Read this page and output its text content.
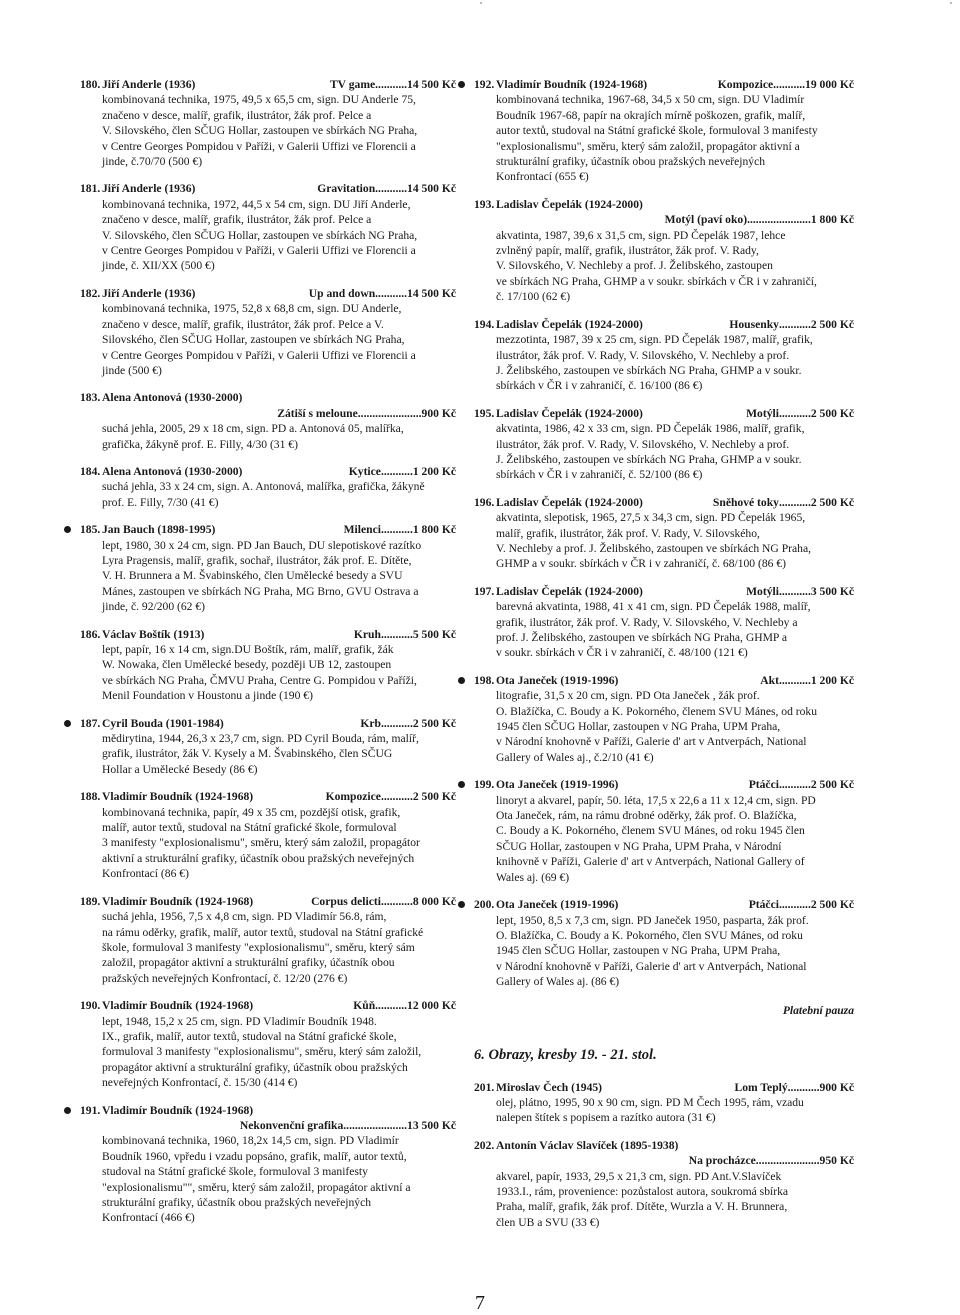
180. Jiří Anderle (1936)	TV game ........... 14 500 Kč
kombinovaná technika, 1975, 49,5 x 65,5 cm, sign. DU Anderle 75,
značeno v desce, malíř, grafik, ilustrátor, žák prof. Pelce a
V. Silovského, člen SČUG Hollar, zastoupen ve sbírkách NG Praha,
v Centre Georges Pompidou v Paříži, v Galerii Uffizi ve Florencii a
jinde, č.70/70 (500 €)
181. Jiří Anderle (1936)	Gravitation ........... 14 500 Kč
kombinovaná technika, 1972, 44,5 x 54 cm, sign. DU Jiří Anderle,
značeno v desce, malíř, grafik, ilustrátor, žák prof. Pelce a
V. Silovského, člen SČUG Hollar, zastoupen ve sbírkách NG Praha,
v Centre Georges Pompidou v Paříži, v Galerii Uffizi ve Florencii a
jinde, č. XII/XX (500 €)
182. Jiří Anderle (1936)	Up and down ........... 14 500 Kč
kombinovaná technika, 1975, 52,8 x 68,8 cm, sign. DU Anderle,
značeno v desce, malíř, grafik, ilustrátor, žák prof. Pelce a V.
Silovského, člen SČUG Hollar, zastoupen ve sbírkách NG Praha,
v Centre Georges Pompidou v Paříži, v Galerii Uffizi ve Florencii a
jinde (500 €)
183. Alena Antonová (1930-2000)
Zátiší s meloune ...................... 900 Kč
suchá jehla, 2005, 29 x 18 cm, sign. PD a. Antonová 05, malířka,
grafička, žákyně prof. E. Filly, 4/30 (31 €)
184. Alena Antonová (1930-2000)	Kytice ........... 1 200 Kč
suchá jehla, 33 x 24 cm, sign. A. Antonová, malířka, grafička, žákyně
prof. E. Filly, 7/30 (41 €)
185. Jan Bauch (1898-1995)	Milenci ........... 1 800 Kč
lept, 1980, 30 x 24 cm, sign. PD Jan Bauch, DU slepotiskové razítko
Lyra Pragensis, malíř, grafik, sochař, ilustrátor, žák prof. E. Dítěte,
V. H. Brunnera a M. Švabinského, člen Umělecké besedy a SVU
Mánes, zastoupen ve sbírkách NG Praha, MG Brno, GVU Ostrava a
jinde, č. 92/200 (62 €)
186. Václav Boštík (1913)	Kruh ........... 5 500 Kč
lept, papír, 16 x 14 cm, sign.DU Boštík, rám, malíř, grafik, žák
W. Nowaka, člen Umělecké besedy, později UB 12, zastoupen
ve sbírkách NG Praha, ČMVU Praha, Centre G. Pompidou v Paříži,
Menil Foundation v Houstonu a jinde (190 €)
187. Cyril Bouda (1901-1984)	Krb ........... 2 500 Kč
mědirytina, 1944, 26,3 x 23,7 cm, sign. PD Cyril Bouda, rám, malíř,
grafik, ilustrátor, žák V. Kysely a M. Švabinského, člen SČUG
Hollar a Umělecké Besedy (86 €)
188. Vladimír Boudník (1924-1968)	Kompozice ........... 2 500 Kč
kombinovaná technika, papír, 49 x 35 cm, pozdější otisk, grafik,
malíř, autor textů, studoval na Státní grafické škole, formuloval
3 manifesty "explosionalismu", směru, který sám založil, propagátor
aktivní a strukturální grafiky, účastník obou pražských neveřejných
Konfrontací (86 €)
189. Vladimír Boudník (1924-1968)	Corpus delicti ........... 8 000 Kč
suchá jehla, 1956, 7,5 x 4,8 cm, sign. PD Vladimír 56.8, rám,
na rámu oděrky, grafik, malíř, autor textů, studoval na Státní grafické
škole, formuloval 3 manifesty "explosionalismu", směru, který sám
založil, propagátor aktivní a strukturální grafiky, účastník obou
pražských neveřejných Konfrontací, č. 12/20 (276 €)
190. Vladimír Boudník (1924-1968)	Kůň ........... 12 000 Kč
lept, 1948, 15,2 x 25 cm, sign. PD Vladimír Boudník 1948.
IX., grafik, malíř, autor textů, studoval na Státní grafické škole,
formuloval 3 manifesty "explosionalismu", směru, který sám založil,
propagátor aktivní a strukturální grafiky, účastník obou pražských
neveřejných Konfrontací, č. 15/30 (414 €)
191. Vladimír Boudník (1924-1968)
Nekonvenční grafika ...................... 13 500 Kč
kombinovaná technika, 1960, 18,2x 14,5 cm, sign. PD Vladimír
Boudník 1960, vpředu i vzadu popsáno, grafik, malíř, autor textů,
studoval na Státní grafické škole, formuloval 3 manifesty
"explosionalismu"", směru, který sám založil, propagátor aktivní a
strukturální grafiky, účastník obou pražských neveřejných
Konfrontací (466 €)
192. Vladimír Boudník (1924-1968)	Kompozice ........... 19 000 Kč
kombinovaná technika, 1967-68, 34,5 x 50 cm, sign. DU Vladimír
Boudník 1967-68, papír na okrajích mírně poškozen, grafik, malíř,
autor textů, studoval na Státní grafické škole, formuloval 3 manifesty
"explosionalismu", směru, který sám založil, propagátor aktivní a
strukturální grafiky, účastník obou pražských neveřejných
Konfrontací (655 €)
193. Ladislav Čepelák (1924-2000)
Motýl (paví oko) ...................... 1 800 Kč
akvatinta, 1987, 39,6 x 31,5 cm, sign. PD Čepelák 1987, lehce
zvlněný papír, malíř, grafik, ilustrátor, žák prof. V. Rady,
V. Silovského, V. Nechleby a prof. J. Želibského, zastoupen
ve sbírkách NG Praha, GHMP a v soukr. sbírkách v ČR i v zahraničí,
č. 17/100 (62 €)
194. Ladislav Čepelák (1924-2000)	Housenky ........... 2 500 Kč
mezzotinta, 1987, 39 x 25 cm, sign. PD Čepelák 1987, malíř, grafik,
ilustrátor, žák prof. V. Rady, V. Silovského, V. Nechleby a prof.
J. Želibského, zastoupen ve sbírkách NG Praha, GHMP a v soukr.
sbírkách v ČR i v zahraničí, č. 16/100 (86 €)
195. Ladislav Čepelák (1924-2000)	Motýli ........... 2 500 Kč
akvatinta, 1986, 42 x 33 cm, sign. PD Čepelák 1986, malíř, grafik,
ilustrátor, žák prof. V. Rady, V. Silovského, V. Nechleby a prof.
J. Želibského, zastoupen ve sbírkách NG Praha, GHMP a v soukr.
sbírkách v ČR i v zahraničí, č. 52/100 (86 €)
196. Ladislav Čepelák (1924-2000)	Sněhové toky ........... 2 500 Kč
akvatinta, slepotisk, 1965, 27,5 x 34,3 cm, sign. PD Čepelák 1965,
malíř, grafik, ilustrátor, žák prof. V. Rady, V. Silovského,
V. Nechleby a prof. J. Želibského, zastoupen ve sbírkách NG Praha,
GHMP a v soukr. sbírkách v ČR i v zahraničí, č. 68/100 (86 €)
197. Ladislav Čepelák (1924-2000)	Motýli ........... 3 500 Kč
barevná akvatinta, 1988, 41 x 41 cm, sign. PD Čepelák 1988, malíř,
grafik, ilustrátor, žák prof. V. Rady, V. Silovského, V. Nechleby a
prof. J. Želibského, zastoupen ve sbírkách NG Praha, GHMP a
v soukr. sbírkách v ČR i v zahraničí, č. 48/100 (121 €)
198. Ota Janeček (1919-1996)	Akt ........... 1 200 Kč
litografie, 31,5 x 20 cm, sign. PD Ota Janeček , žák prof.
O. Blažíčka, C. Boudy a K. Pokorného, členem SVU Mánes, od roku
1945 člen SČUG Hollar, zastoupen v NG Praha, UPM Praha,
v Národní knohovně v Paříži, Galerie d' art v Antverpách, National
Gallery of Wales aj., č.2/10 (41 €)
199. Ota Janeček (1919-1996)	Ptáčci ........... 2 500 Kč
linoryt a akvarel, papír, 50. léta, 17,5 x 22,6 a 11 x 12,4 cm, sign. PD
Ota Janeček, rám, na rámu drobné oděrky, žák prof. O. Blažíčka,
C. Boudy a K. Pokorného, členem SVU Mánes, od roku 1945 člen
SČUG Hollar, zastoupen v NG Praha, UPM Praha, v Národní
knihovně v Paříži, Galerie d' art v Antverpách, National Gallery of
Wales aj. (69 €)
200. Ota Janeček (1919-1996)	Ptáčci ........... 2 500 Kč
lept, 1950, 8,5 x 7,3 cm, sign. PD Janeček 1950, pasparta, žák prof.
O. Blažíčka, C. Boudy a K. Pokorného, člen SVU Mánes, od roku
1945 člen SČUG Hollar, zastoupen v NG Praha, UPM Praha,
v Národní knohovně v Paříži, Galerie d' art v Antverpách, National
Gallery of Wales aj. (86 €)
Platební pauza
6. Obrazy, kresby 19. - 21. stol.
201. Miroslav Čech (1945)	Lom Teplý ........... 900 Kč
olej, plátno, 1995, 90 x 90 cm, sign. PD M Čech 1995, rám, vzadu
nalepen štítek s popisem a razítko autora (31 €)
202. Antonín Václav Slavíček (1895-1938)
Na procházce ...................... 950 Kč
akvarel, papír, 1933, 29,5 x 21,3 cm, sign. PD Ant.V.Slavíček
1933.I., rám, provenience: pozůstalost autora, soukromá sbírka
Praha, malíř, grafik, žák prof. Dítěte, Wurzla a V. H. Brunnera,
člen UB a SVU (33 €)
7
